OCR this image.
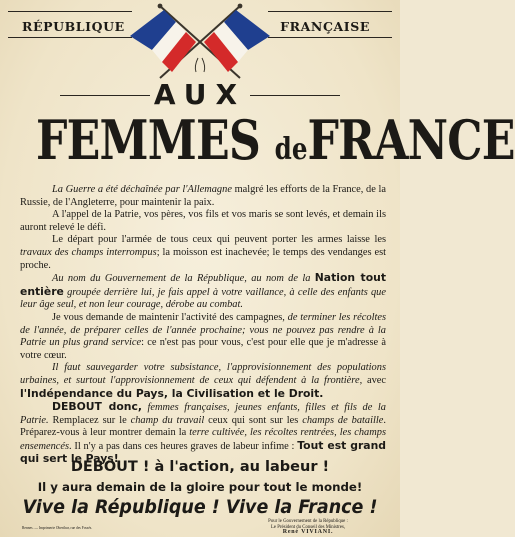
RÉPUBLIQUE	FRANÇAISE
AUX
FEMMES deFRANCE

La Guerre a été déchaînée par l'Allemagne malgré les efforts de la France, de la Russie, de l'Angleterre, pour maintenir la paix.

A l'appel de la Patrie, vos pères, vos fils et vos maris se sont levés, et demain ils auront relevé le défi.

Le départ pour l'armée de tous ceux qui peuvent porter les armes laisse les travaux des champs interrompus; la moisson est inachevée; le temps des vendanges est proche.

Au nom du Gouvernement de la République, au nom de la Nation tout entière groupée derrière lui, je fais appel à votre vaillance, à celle des enfants que leur âge seul, et non leur courage, dérobe au combat.

Je vous demande de maintenir l'activité des campagnes, de terminer les récoltes de l'année, de préparer celles de l'année prochaine; vous ne pouvez pas rendre à la Patrie un plus grand service: ce n'est pas pour vous, c'est pour elle que je m'adresse à votre cœur.

Il faut sauvegarder votre subsistance, l'approvisionnement des populations urbaines, et surtout l'approvisionnement de ceux qui défendent à la frontière, avec l'Indépendance du Pays, la Civilisation et le Droit.

DEBOUT donc, femmes françaises, jeunes enfants, filles et fils de la Patrie. Remplacez sur le champ du travail ceux qui sont sur les champs de bataille. Préparez-vous à leur montrer demain la terre cultivée, les récoltes rentrées, les champs ensemencés. Il n'y a pas dans ces heures graves de labeur infime : Tout est grand qui sert le Pays!

DEBOUT ! à l'action, au labeur !
Il y aura demain de la gloire pour tout le monde!
Vive la République ! Vive la France !
Rennes. — Imprimerie Oberthur, rue des Fossés.
Pour le Gouvernement de la République :
Le Président du Conseil des Ministres,
René VIVIANI.
